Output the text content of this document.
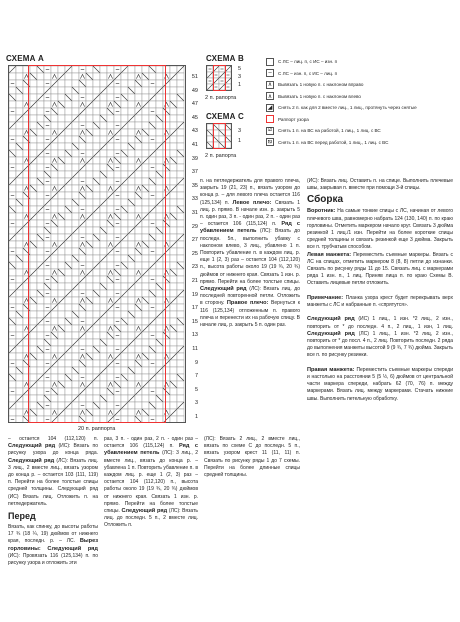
СХЕМА А
51
49
47
45
43
41
39
37
35
33
31
29
27
25
23
21
19
17
15
13
11
9
7
5
3
1
20 п. раппорта
СХЕМА В
5
3
1
2 п. рапорта
СХЕМА С
3
1
2 п. рапорта
С ЛС – лиц. п, с ИС – изн. п
–	С ЛС – изн. п, с ИС – лиц. п
∧	Вывязать 1 новую п. с наклоном вправо
∧	Вывязать 1 новую п. с наклоном влево
◢	Снять 2 п. как для 2 вместе лиц., 1 лиц., протянуть через снятые
Раппорт узора
⧄	Снять 1 п. на ВС на работой, 1 лиц., 1 лиц. с ВС
⧅	Снять 1 п. на ВС перед работой, 1 лиц., 1 лиц. с ВС
п. на петледержатель для правого плеча, закрыть 19 (21, 23) п., вязать узором до конца р. – для левого плеча остается 116 (125,134) п. Левое плечо: Связать 1 лиц. р. прямо. В начале изн. р. закрыть 5 п. один раз, 3 п. - один раз, 2 п. - один раз – остается 106 (115,124) п. Ряд с убавлением петель (ЛС): Вязать до последн. 5п., выполнить убавку с наклоном влево, 3 лиц., убавлено 1 п. Повторить убавление п. в каждом лиц. р. еще 1 (2, 3) раз – остается 104 (112,120) п., высота работы около 19 (19 ¾, 20 ¾) дюймов от нижнего края. Связать 1 изн. р. прямо. Перейти на более толстые спицы. Следующий ряд (ЛС): Вязать лиц. до последней повторенной петли. Отложить в сторону. Правое плечо: Вернуться к 116 (125,134) отложенным п. правого плеча и перенести их на рабочую спицу. В начале лиц. р. закрыть 5 п. один раз.
(ИС): Вязать лиц. Оставить п. на спице. Выполнить плечевые швы, закрывая п. вместе при помощи 3-й спицы.
Сборка
Воротник: На самые тонкие спицы с ЛС, начиная от левого плечевого шва, равномерно набрать 124 (130, 140) п. по краю горловины. Отметить маркером начало круг. Связать 3 дюйма резинкой 1 лиц./1 изн. Перейти на более короткие спицы средней толщины и связать резинкой еще 3 дюйма. Закрыть все п. трубчатым способом.
Левая манжета: Переместить съемные маркеры. Вязать с ЛС на спицах, отметить маркером 8 (8, 8) петли до изнанки. Связать по рисунку ряды 11 до 15. Связать лиц. с маркерами ряда 1 изн. п., 1 лиц. Приняв лица п. по краю Схемы В. Оставить лицевые петли отложить.

Примечание: Планка узора крест будет перекрывать верх манжеты с ЛС и набранные п. «спрятутся».

Следующий ряд (ИС) 1 лиц., 1 изн. *2 лиц., 2 изн., повторить от * до последн. 4 п., 2 лиц., 1 изн, 1 лиц. Следующий ряд (ЛС) 1 лиц., 1 изн. *2 лиц, 2 изн., повторить от * до посл. 4 п., 2 лиц. Повторить последн. 2 ряда до выполнения манжеты высотой 9 (9 ¾, 7 ¾) дюйма. Закрыть все п. по рисунку резинки.

Правая манжета: Переместить съемные маркеры спереди и настолько на расстоянии 5 (5 ½, 6) дюймов от центральной части маркера спереди, набрать 62 (70, 76) п. между маркерами. Вязать лиц. между маркерами. Стачать нижние швы. Выполнить петельную обработку.
– остается 104 (112,120) п. Следующий ряд (ИС): Вязать по рисунку узора до конца ряда. Следующий ряд (ЛС): Вязать лиц. 3 лиц., 2 вместе лиц., вязать узором до конца р. – остается 103 (111, 119) п. Перейти на более толстые спицы средней толщины. Следующий ряд (ИС) Вязать лиц. Отложить п. на петледержатель.
Перед
Вязать, как спинку, до высоты работы 17 ¾ (18 ¼, 19) дюймов от нижнего края, последн. р. – ЛС. Вырез горловины: Следующий ряд (ИС): Провязать 116 (125,134) п. по рисунку узора и отложить эти
раз, 3 п. - один раз, 2 п. - один раз – остается 106 (115,124) п. Ряд с убавлением петель (ЛС): 3 лиц., 2 вместе лиц., вязать до конца р. – убавлена 1 п. Повторить убавление п. в каждом лиц. р. еще 1 (2, 3) раз – остается 104 (112,120) п., высота работы около 19 (19 ¾, 20 ¾) дюймов от нижнего края. Связать 1 изн. р. прямо. Перейти на более толстые спицы. Следующий ряд (ЛС): Вязать лиц. до последн. 5 п., 2 вместе лиц. Отложить п.
(ЛС): Вязать 2 лиц., 2 вместе лиц., вязать по схеме С до последн. 5 п., вязать узором крест 11 (11, 11) п. Связать по рисунку ряды 1 до 7 схемы. Перейти на более длинные спицы средней толщины.
